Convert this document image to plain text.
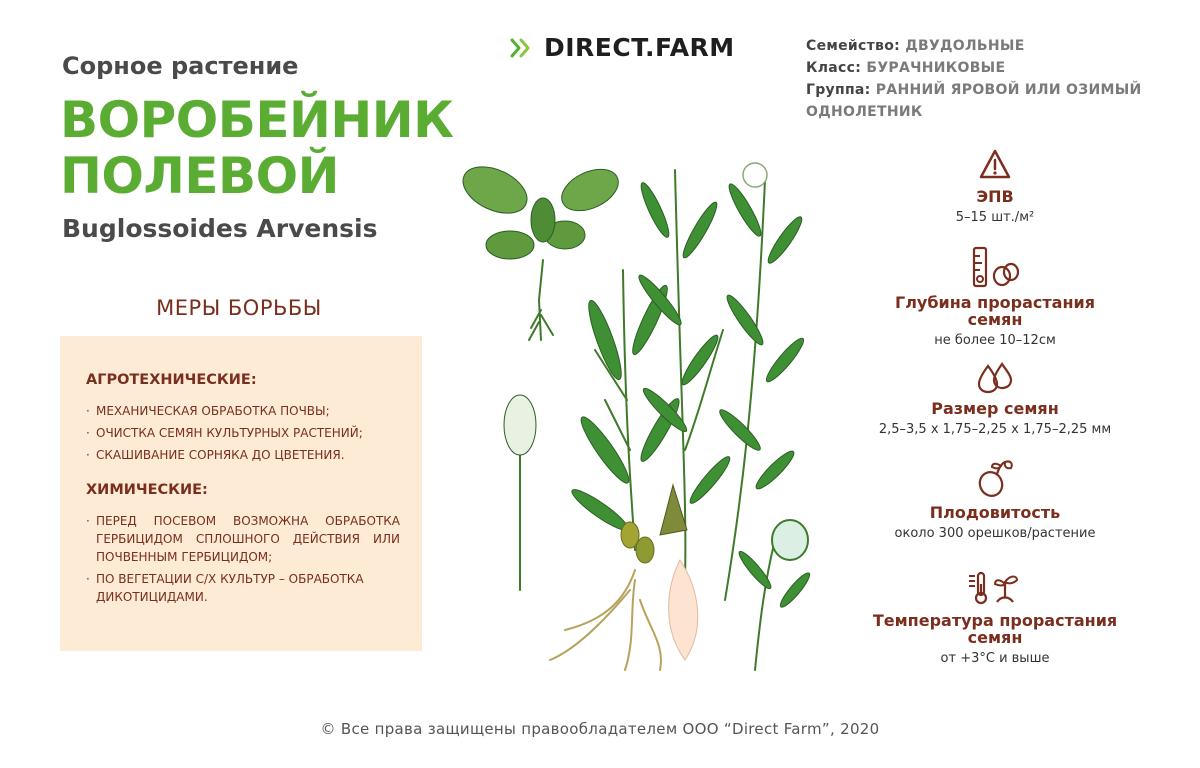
Сорное растение
ВОРОБЕЙНИК
ПОЛЕВОЙ
Buglossoides Arvensis
DIRECT.FARM	Семейство: ДВУДОЛЬНЫЕ
Класс: БУРАЧНИКОВЫЕ
Группа: РАННИЙ ЯРОВОЙ ИЛИ ОЗИМЫЙ
ОДНОЛЕТНИК
МЕРЫ БОРЬБЫ
АГРОТЕХНИЧЕСКИЕ:
· МЕХАНИЧЕСКАЯ ОБРАБОТКА ПОЧВЫ;
· ОЧИСТКА СЕМЯН КУЛЬТУРНЫХ РАСТЕНИЙ;
· СКАШИВАНИЕ СОРНЯКА ДО ЦВЕТЕНИЯ.
ХИМИЧЕСКИЕ:
· ПЕРЕД ПОСЕВОМ ВОЗМОЖНА ОБРАБОТКА ГЕРБИЦИДОМ СПЛОШНОГО ДЕЙСТВИЯ ИЛИ ПОЧВЕННЫМ ГЕРБИЦИДОМ;
· ПО ВЕГЕТАЦИИ С/Х КУЛЬТУР – ОБРАБОТКА ДИКОТИЦИДАМИ.
ЭПВ
5–15 шт./м²
Глубина прорастания
семян
не более 10–12см
Размер семян
2,5–3,5 х 1,75–2,25 х 1,75–2,25 мм
Плодовитость
около 300 орешков/растение
Температура прорастания
семян
от +3°С и выше
© Все права защищены правообладателем ООО “Direct Farm”, 2020
